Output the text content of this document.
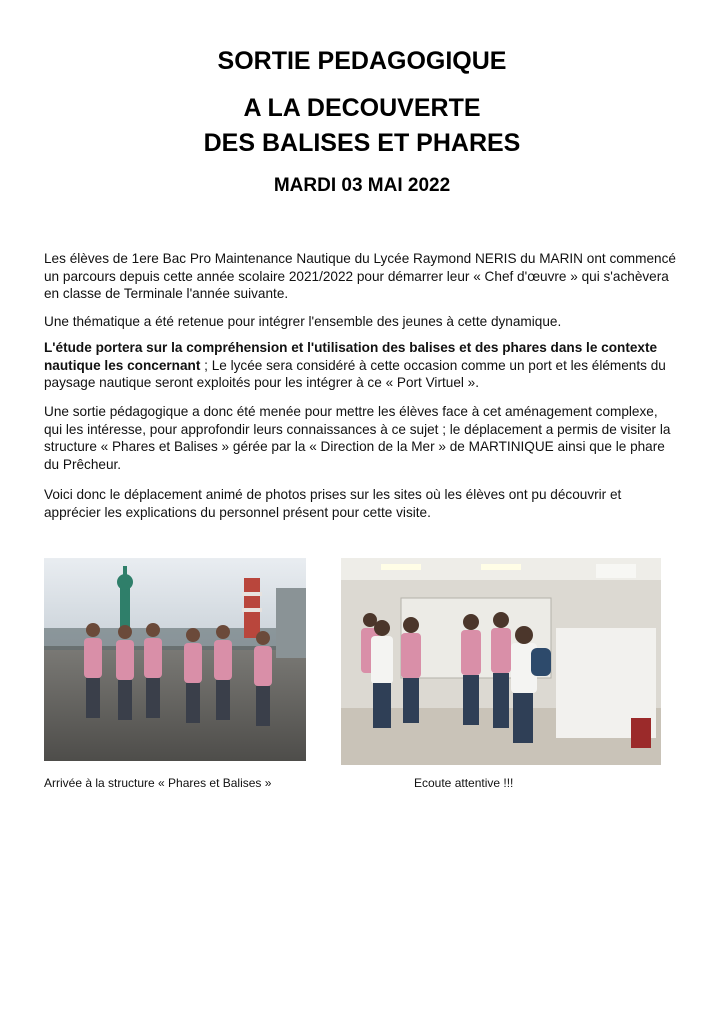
SORTIE PEDAGOGIQUE
A LA DECOUVERTE
DES BALISES ET PHARES
MARDI 03 MAI 2022

Les élèves de 1ere Bac Pro Maintenance Nautique du Lycée Raymond NERIS du MARIN ont commencé un parcours depuis cette année scolaire 2021/2022 pour démarrer leur « Chef d'œuvre » qui s'achèvera en classe de Terminale l'année suivante.

Une thématique a été retenue pour intégrer l'ensemble des jeunes à cette dynamique.

L'étude portera sur la compréhension et l'utilisation des balises et des phares dans le contexte nautique les concernant ; Le lycée sera considéré à cette occasion comme un port et les éléments du paysage nautique seront exploités pour les intégrer à ce « Port Virtuel ».

Une sortie pédagogique a donc été menée pour mettre les élèves face à cet aménagement complexe, qui les intéresse, pour approfondir leurs connaissances à ce sujet ; le déplacement a permis de visiter la structure « Phares et Balises » gérée par la « Direction de la Mer » de MARTINIQUE ainsi que le phare du Prêcheur.

Voici donc le déplacement animé de photos prises sur les sites où les élèves ont pu découvrir et apprécier les explications du personnel présent pour cette visite.

Arrivée à la structure « Phares et Balises »	Ecoute attentive !!!
